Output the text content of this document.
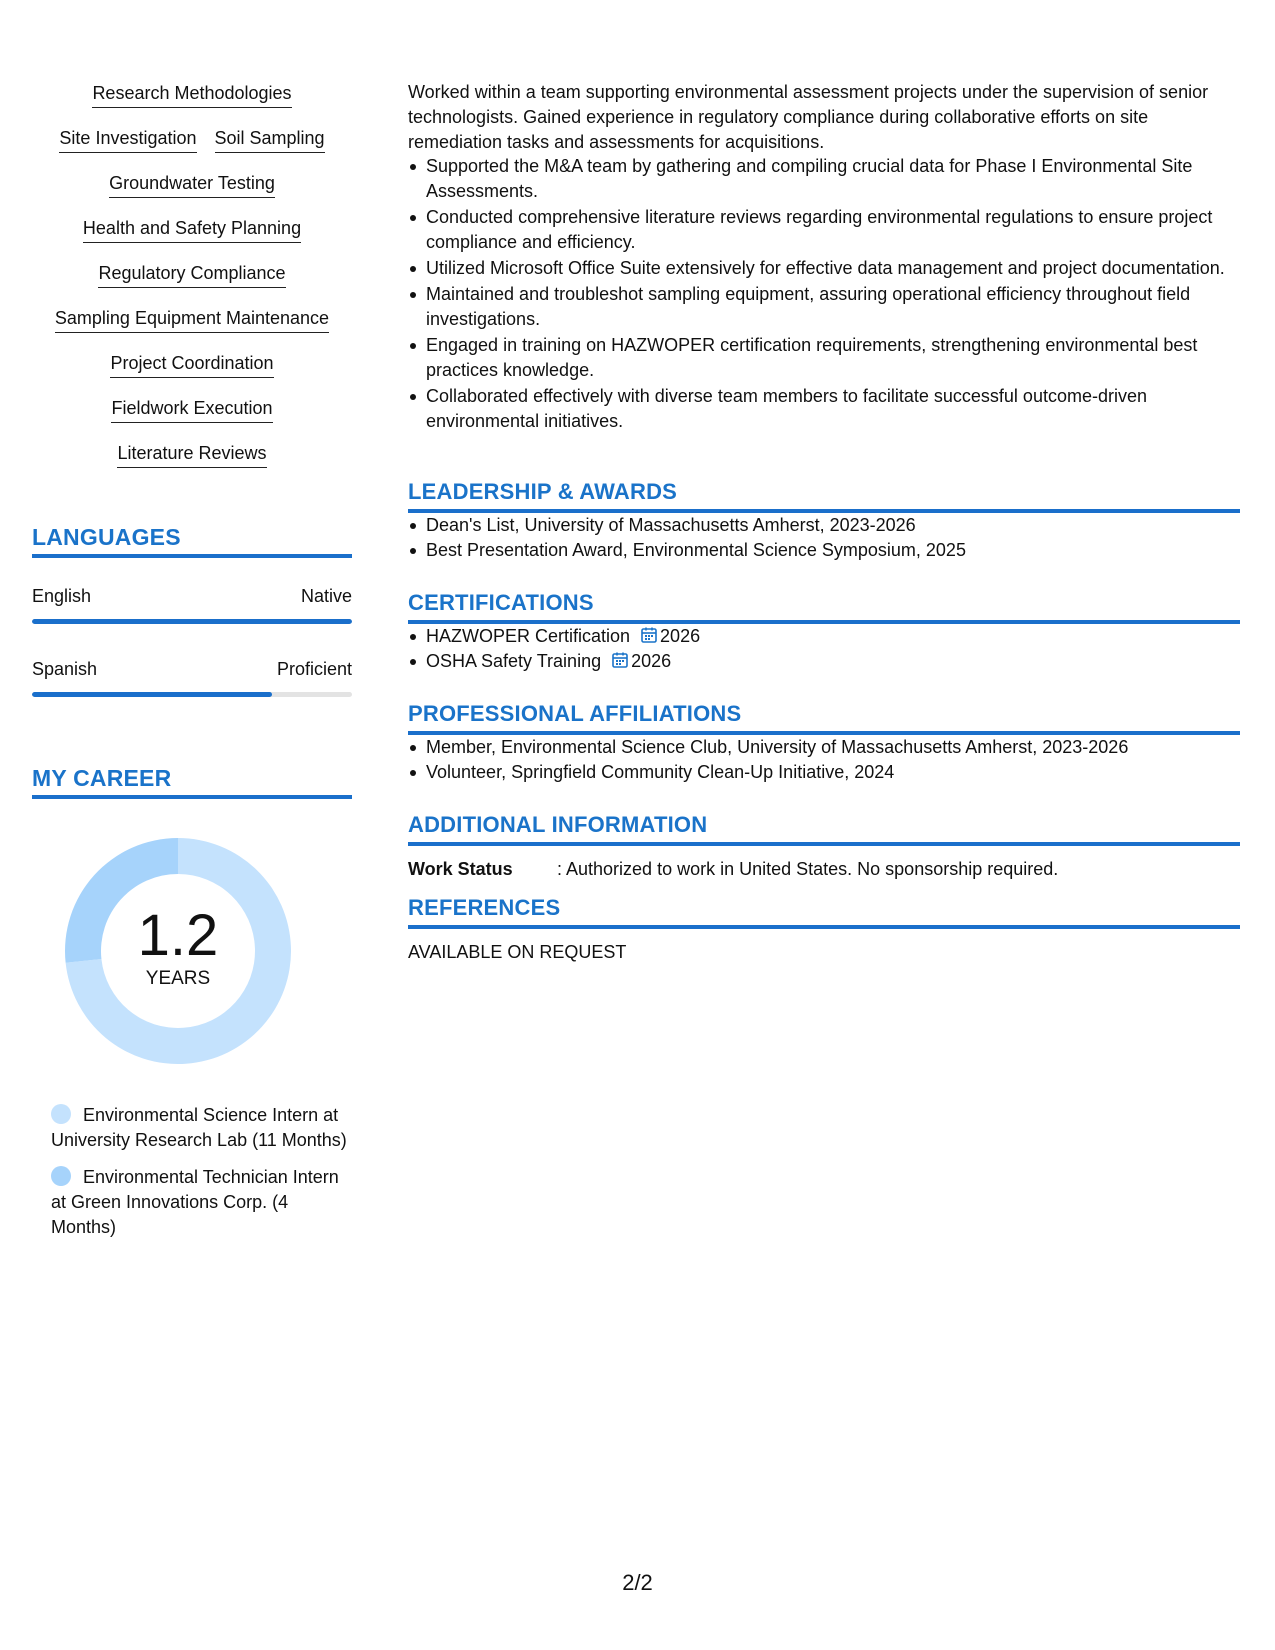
Research Methodologies
Site Investigation Soil Sampling
Groundwater Testing
Health and Safety Planning
Regulatory Compliance
Sampling Equipment Maintenance
Project Coordination
Fieldwork Execution
Literature Reviews
LANGUAGES
English	Native
Spanish	Proficient
MY CAREER
1.2
YEARS
Environmental Science Intern at University Research Lab (11 Months)
Environmental Technician Intern at Green Innovations Corp. (4 Months)
Worked within a team supporting environmental assessment projects under the supervision of senior technologists. Gained experience in regulatory compliance during collaborative efforts on site remediation tasks and assessments for acquisitions.
Supported the M&A team by gathering and compiling crucial data for Phase I Environmental Site Assessments.
Conducted comprehensive literature reviews regarding environmental regulations to ensure project compliance and efficiency.
Utilized Microsoft Office Suite extensively for effective data management and project documentation.
Maintained and troubleshot sampling equipment, assuring operational efficiency throughout field investigations.
Engaged in training on HAZWOPER certification requirements, strengthening environmental best practices knowledge.
Collaborated effectively with diverse team members to facilitate successful outcome-driven environmental initiatives.
LEADERSHIP & AWARDS
Dean's List, University of Massachusetts Amherst, 2023-2026
Best Presentation Award, Environmental Science Symposium, 2025
CERTIFICATIONS
HAZWOPER Certification 2026
OSHA Safety Training 2026
PROFESSIONAL AFFILIATIONS
Member, Environmental Science Club, University of Massachusetts Amherst, 2023-2026
Volunteer, Springfield Community Clean-Up Initiative, 2024
ADDITIONAL INFORMATION
Work Status	: Authorized to work in United States. No sponsorship required.
REFERENCES
AVAILABLE ON REQUEST
2/2
